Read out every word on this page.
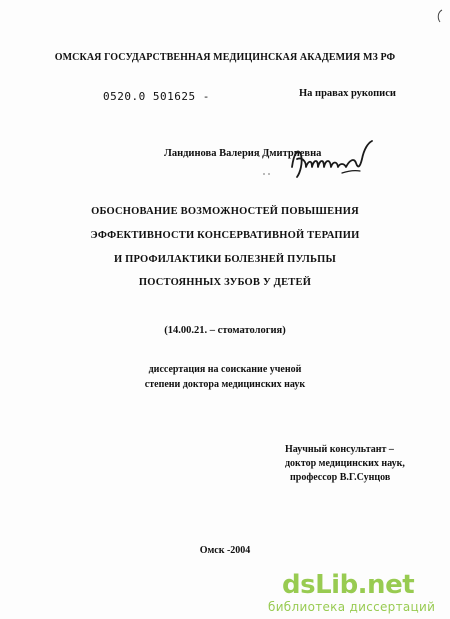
ОМСКАЯ ГОСУДАРСТВЕННАЯ МЕДИЦИНСКАЯ АКАДЕМИЯ МЗ РФ
0520.0 501625 -	На правах рукописи
Ландинова Валерия Дмитриевна
ОБОСНОВАНИЕ ВОЗМОЖНОСТЕЙ ПОВЫШЕНИЯ
ЭФФЕКТИВНОСТИ КОНСЕРВАТИВНОЙ ТЕРАПИИ
И ПРОФИЛАКТИКИ БОЛЕЗНЕЙ ПУЛЬПЫ
ПОСТОЯННЫХ ЗУБОВ У ДЕТЕЙ
(14.00.21. – стоматология)
диссертация на соискание ученой
степени доктора медицинских наук
Научный консультант –
доктор медицинских наук,
профессор В.Г.Сунцов
Омск -2004
dsLib.net
библиотека диссертаций
